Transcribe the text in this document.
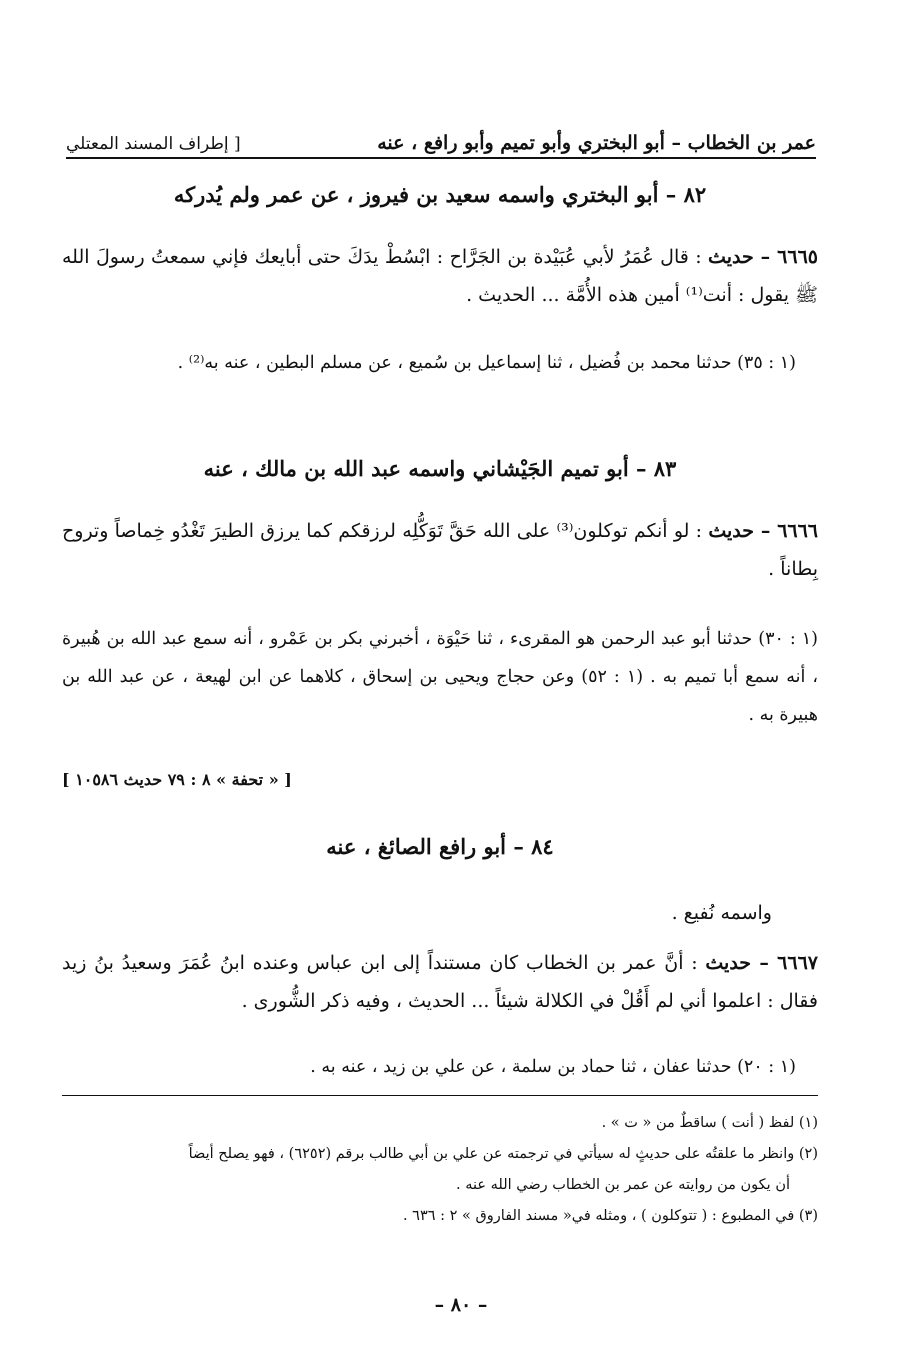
عمر بن الخطاب – أبو البختري وأبو تميم وأبو رافع ، عنه
[ إطراف المسند المعتلي
٨٢ – أبو البختري واسمه سعيد بن فيروز ، عن عمر ولم يُدركه
٦٦٦٥ – حديث : قال عُمَرُ لأبي عُبَيْدة بن الجَرَّاح : ابْسُطْ يدَكَ حتى أبايعك فإني سمعتُ رسولَ الله ﷺ يقول : أنت⁽¹⁾ أمين هذه الأُمَّة ... الحديث .
(١ : ٣٥) حدثنا محمد بن فُضيل ، ثنا إسماعيل بن سُميع ، عن مسلم البطين ، عنه به⁽²⁾ .
٨٣ – أبو تميم الجَيْشاني واسمه عبد الله بن مالك ، عنه
٦٦٦٦ – حديث : لو أنكم توكلون⁽³⁾ على الله حَقَّ تَوَكُّلِه لرزقكم كما يرزق الطيرَ تَغْدُو خِماصاً وتروح بِطاناً .
(١ : ٣٠) حدثنا أبو عبد الرحمن هو المقرىء ، ثنا حَيْوَة ، أخبرني بكر بن عَمْرو ، أنه سمع عبد الله بن هُبيرة ، أنه سمع أبا تميم به . (١ : ٥٢) وعن حجاج ويحيى بن إسحاق ، كلاهما عن ابن لهيعة ، عن عبد الله بن هبيرة به .
[ « تحفة » ٨ : ٧٩ حديث ١٠٥٨٦ ]
٨٤ – أبو رافع الصائغ ، عنه
واسمه نُفيع .
٦٦٦٧ – حديث : أنَّ عمر بن الخطاب كان مستنداً إلى ابن عباس وعنده ابنُ عُمَرَ وسعيدُ بنُ زيد فقال : اعلموا أني لم أَقُلْ في الكلالة شيئاً ... الحديث ، وفيه ذكر الشُّورى .
(١ : ٢٠) حدثنا عفان ، ثنا حماد بن سلمة ، عن علي بن زيد ، عنه به .
(١) لفظ ( أنت ) ساقطٌ من « ت » .
(٢) وانظر ما علقتُه على حديثٍ له سيأتي في ترجمته عن علي بن أبي طالب برقم (٦٢٥٢) ، فهو يصلح أيضاً
أن يكون من روايته عن عمر بن الخطاب رضي الله عنه .
(٣) في المطبوع : ( تتوكلون ) ، ومثله في« مسند الفاروق » ٢ : ٦٣٦ .
– ٨٠ –
